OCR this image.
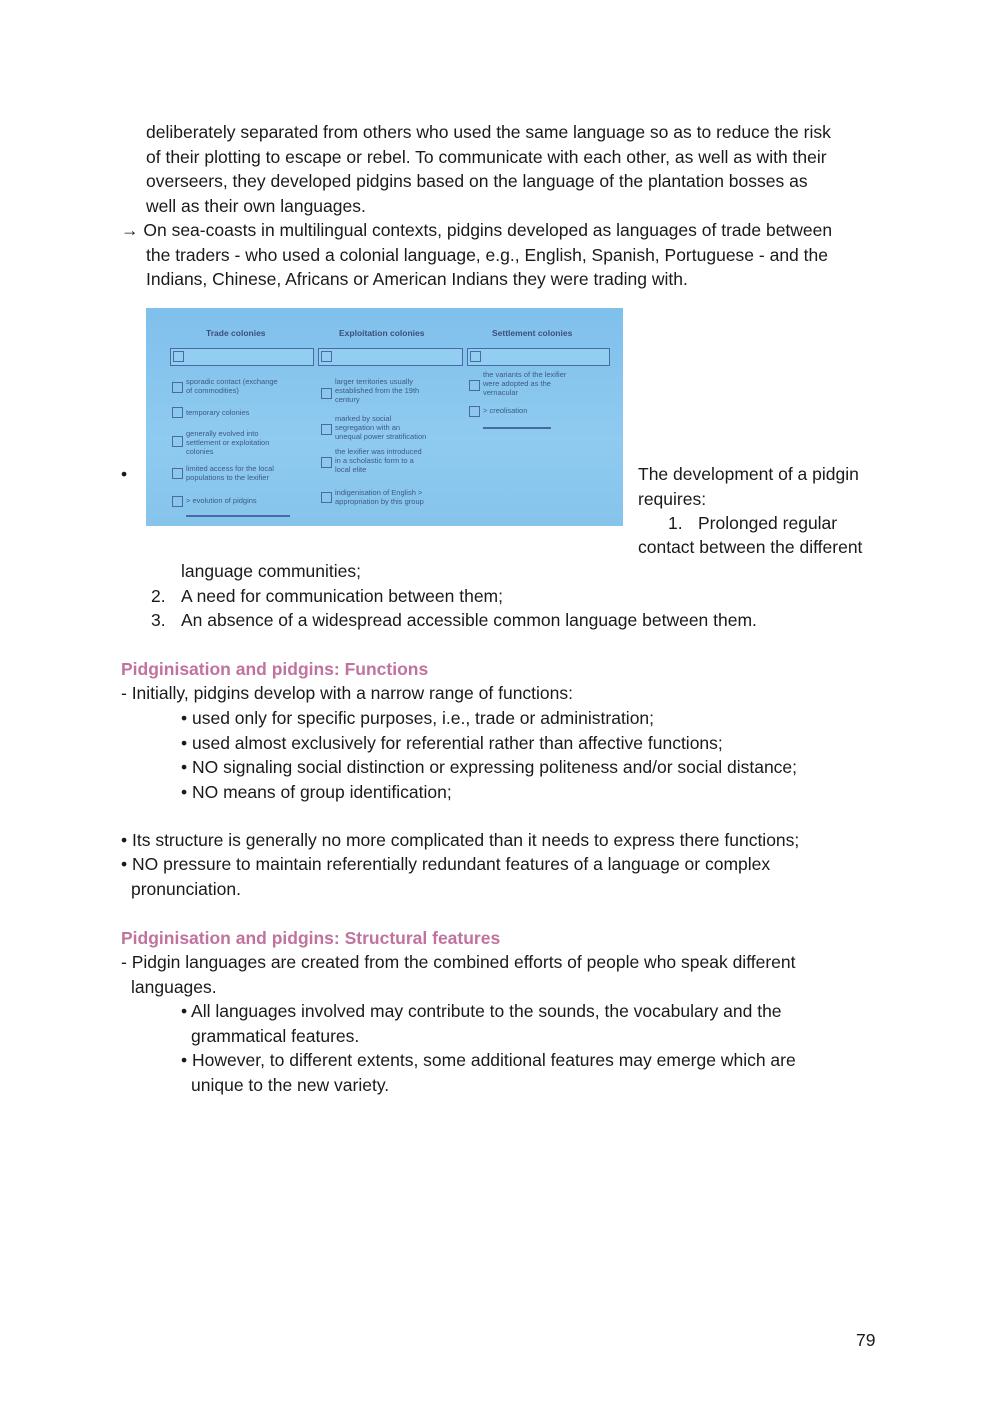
deliberately separated from others who used the same language so as to reduce the risk
of their plotting to escape or rebel. To communicate with each other, as well as with their
overseers, they developed pidgins based on the language of the plantation bosses as
well as their own languages.
→ On sea-coasts in multilingual contexts, pidgins developed as languages of trade between
the traders - who used a colonial language, e.g., English, Spanish, Portuguese - and the
Indians, Chinese, Africans or American Indians they were trading with.
•
Trade colonies	Exploitation colonies	Settlement colonies
sporadic contact (exchange
of commodities)
temporary colonies
generally evolved into
settlement or exploitation
colonies
limited access for the local
populations to the lexifier
> evolution of pidgins
larger territories usually
established from the 19th
century
marked by social
segregation with an
unequal power stratification
the lexifier was introduced
in a scholastic form to a
local elite
indigenisation of English >
appropriation by this group
the variants of the lexifier
were adopted as the
vernacular
> creolisation
The development of a pidgin
requires:
1. Prolonged regular
contact between the different
language communities;
2. A need for communication between them;
3. An absence of a widespread accessible common language between them.
Pidginisation and pidgins: Functions
- Initially, pidgins develop with a narrow range of functions:
• used only for specific purposes, i.e., trade or administration;
• used almost exclusively for referential rather than affective functions;
• NO signaling social distinction or expressing politeness and/or social distance;
• NO means of group identification;
• Its structure is generally no more complicated than it needs to express there functions;
• NO pressure to maintain referentially redundant features of a language or complex
pronunciation.
Pidginisation and pidgins: Structural features
- Pidgin languages are created from the combined efforts of people who speak different
languages.
• All languages involved may contribute to the sounds, the vocabulary and the
grammatical features.
• However, to different extents, some additional features may emerge which are
unique to the new variety.
79
